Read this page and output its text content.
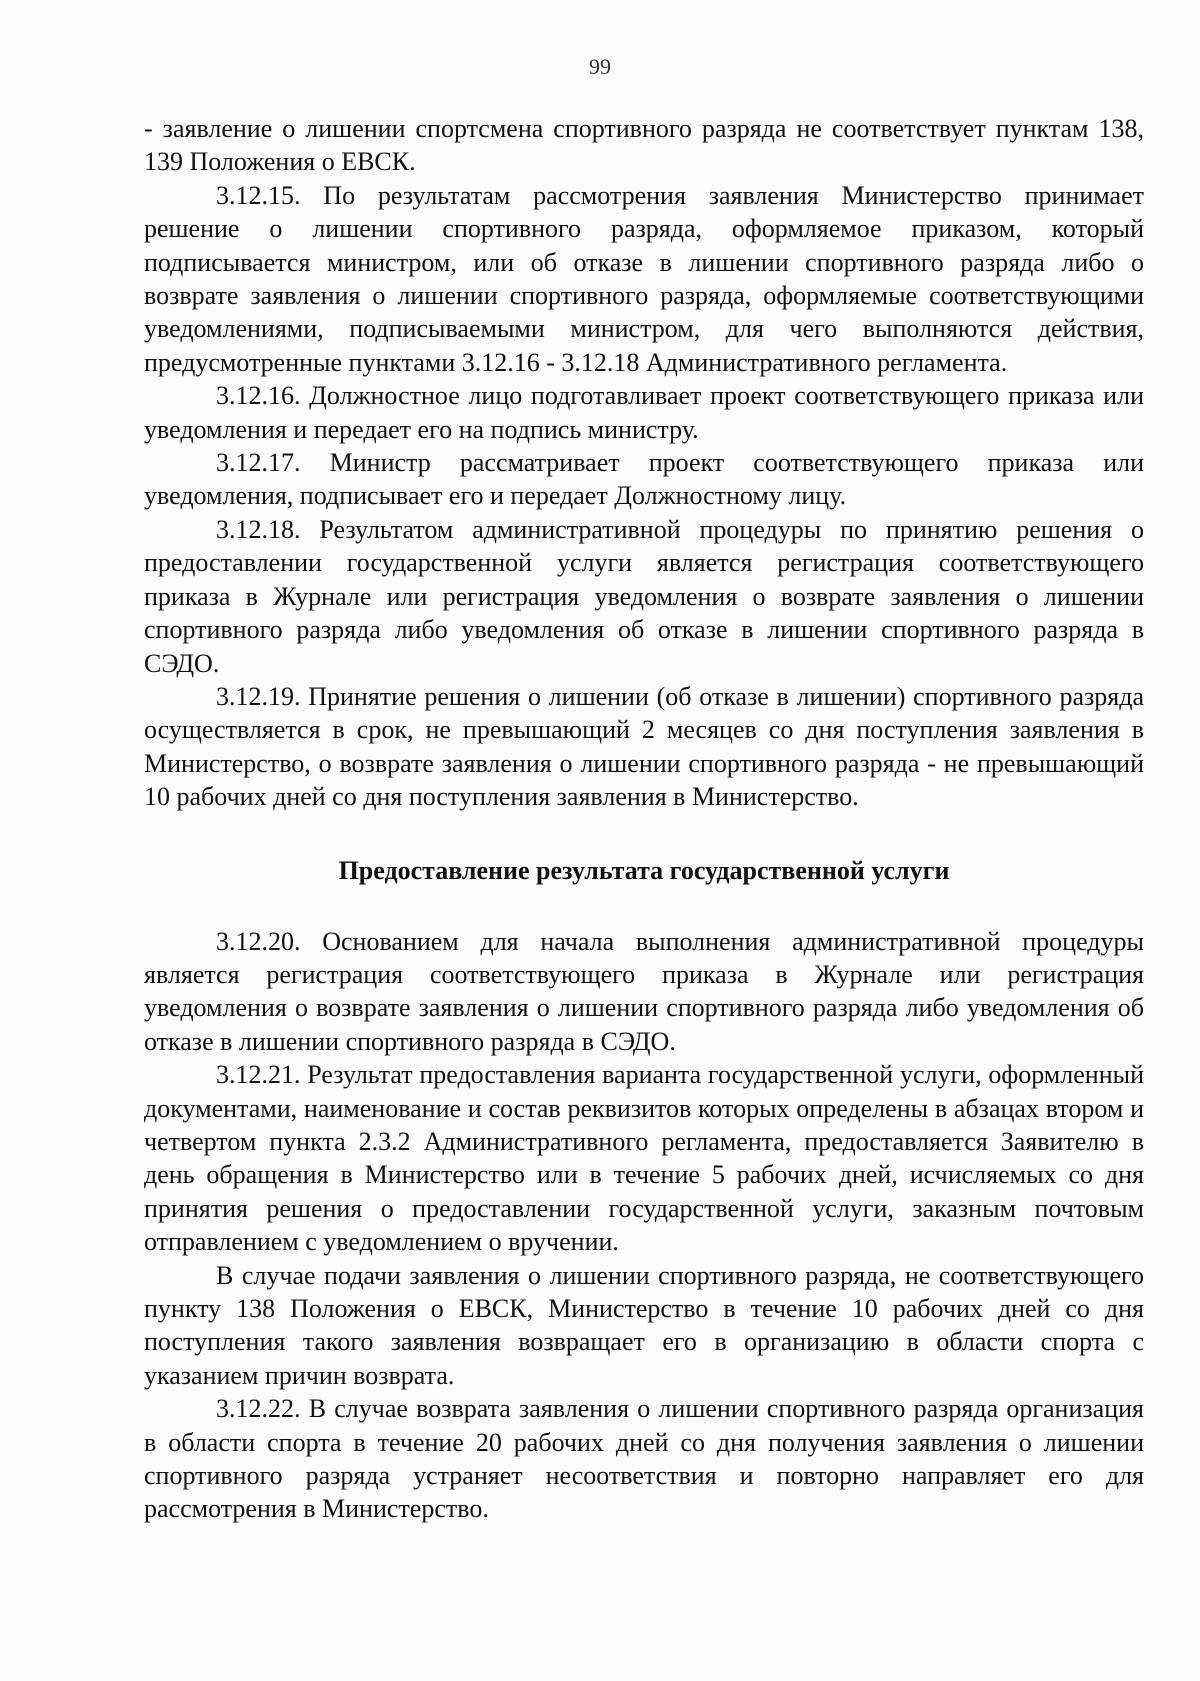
99

- заявление о лишении спортсмена спортивного разряда не соответствует пунктам 138, 139 Положения о ЕВСК.

3.12.15. По результатам рассмотрения заявления Министерство принимает решение о лишении спортивного разряда, оформляемое приказом, который подписывается министром, или об отказе в лишении спортивного разряда либо о возврате заявления о лишении спортивного разряда, оформляемые соответствующими уведомлениями, подписываемыми министром, для чего выполняются действия, предусмотренные пунктами 3.12.16 - 3.12.18 Административного регламента.

3.12.16. Должностное лицо подготавливает проект соответствующего приказа или уведомления и передает его на подпись министру.

3.12.17. Министр рассматривает проект соответствующего приказа или уведомления, подписывает его и передает Должностному лицу.

3.12.18. Результатом административной процедуры по принятию решения о предоставлении государственной услуги является регистрация соответствующего приказа в Журнале или регистрация уведомления о возврате заявления о лишении спортивного разряда либо уведомления об отказе в лишении спортивного разряда в СЭДО.

3.12.19. Принятие решения о лишении (об отказе в лишении) спортивного разряда осуществляется в срок, не превышающий 2 месяцев со дня поступления заявления в Министерство, о возврате заявления о лишении спортивного разряда - не превышающий 10 рабочих дней со дня поступления заявления в Министерство.

Предоставление результата государственной услуги

3.12.20. Основанием для начала выполнения административной процедуры является регистрация соответствующего приказа в Журнале или регистрация уведомления о возврате заявления о лишении спортивного разряда либо уведомления об отказе в лишении спортивного разряда в СЭДО.

3.12.21. Результат предоставления варианта государственной услуги, оформленный документами, наименование и состав реквизитов которых определены в абзацах втором и четвертом пункта 2.3.2 Административного регламента, предоставляется Заявителю в день обращения в Министерство или в течение 5 рабочих дней, исчисляемых со дня принятия решения о предоставлении государственной услуги, заказным почтовым отправлением с уведомлением о вручении.

В случае подачи заявления о лишении спортивного разряда, не соответствующего пункту 138 Положения о ЕВСК, Министерство в течение 10 рабочих дней со дня поступления такого заявления возвращает его в организацию в области спорта с указанием причин возврата.

3.12.22. В случае возврата заявления о лишении спортивного разряда организация в области спорта в течение 20 рабочих дней со дня получения заявления о лишении спортивного разряда устраняет несоответствия и повторно направляет его для рассмотрения в Министерство.
